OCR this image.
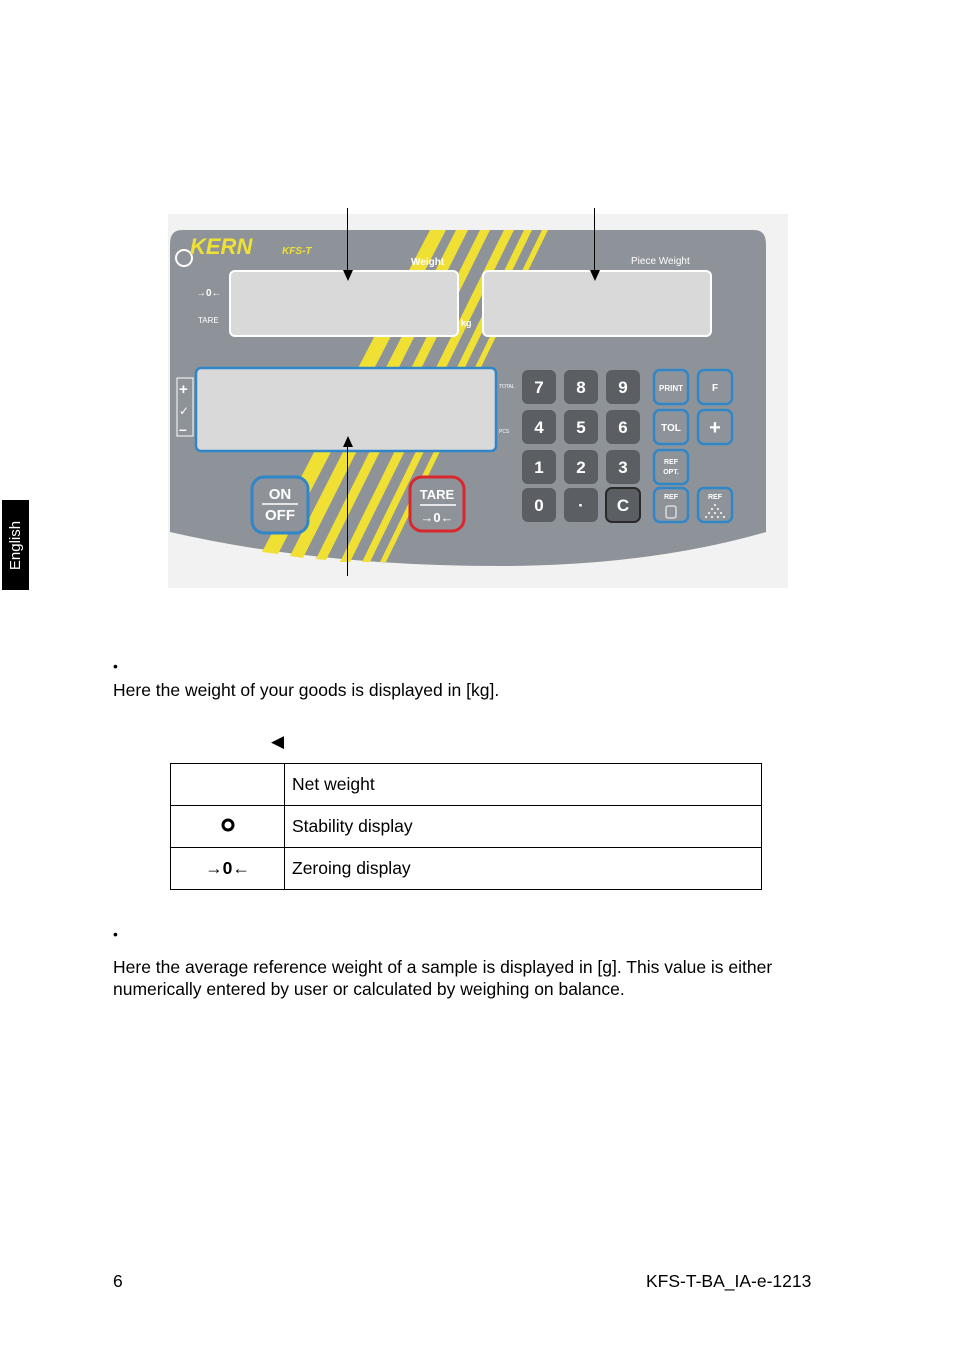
English
KERN	KFS-T
Weight	Piece Weight
→0←
TARE	kg
TOTAL
PCS
+
✓
–
7 8 9
4 5 6
1 2 3
0 · C
PRINT	F
TOL +
REF
OPT.
REF	REF
ON
OFF
TARE
→0←
•
Here the weight of your goods is displayed in [kg].
◀
	Net weight
	Stability display
→0←	Zeroing display
•
Here the average reference weight of a sample is displayed in [g]. This value is either
numerically entered by user or calculated by weighing on balance.
6	KFS-T-BA_IA-e-1213
